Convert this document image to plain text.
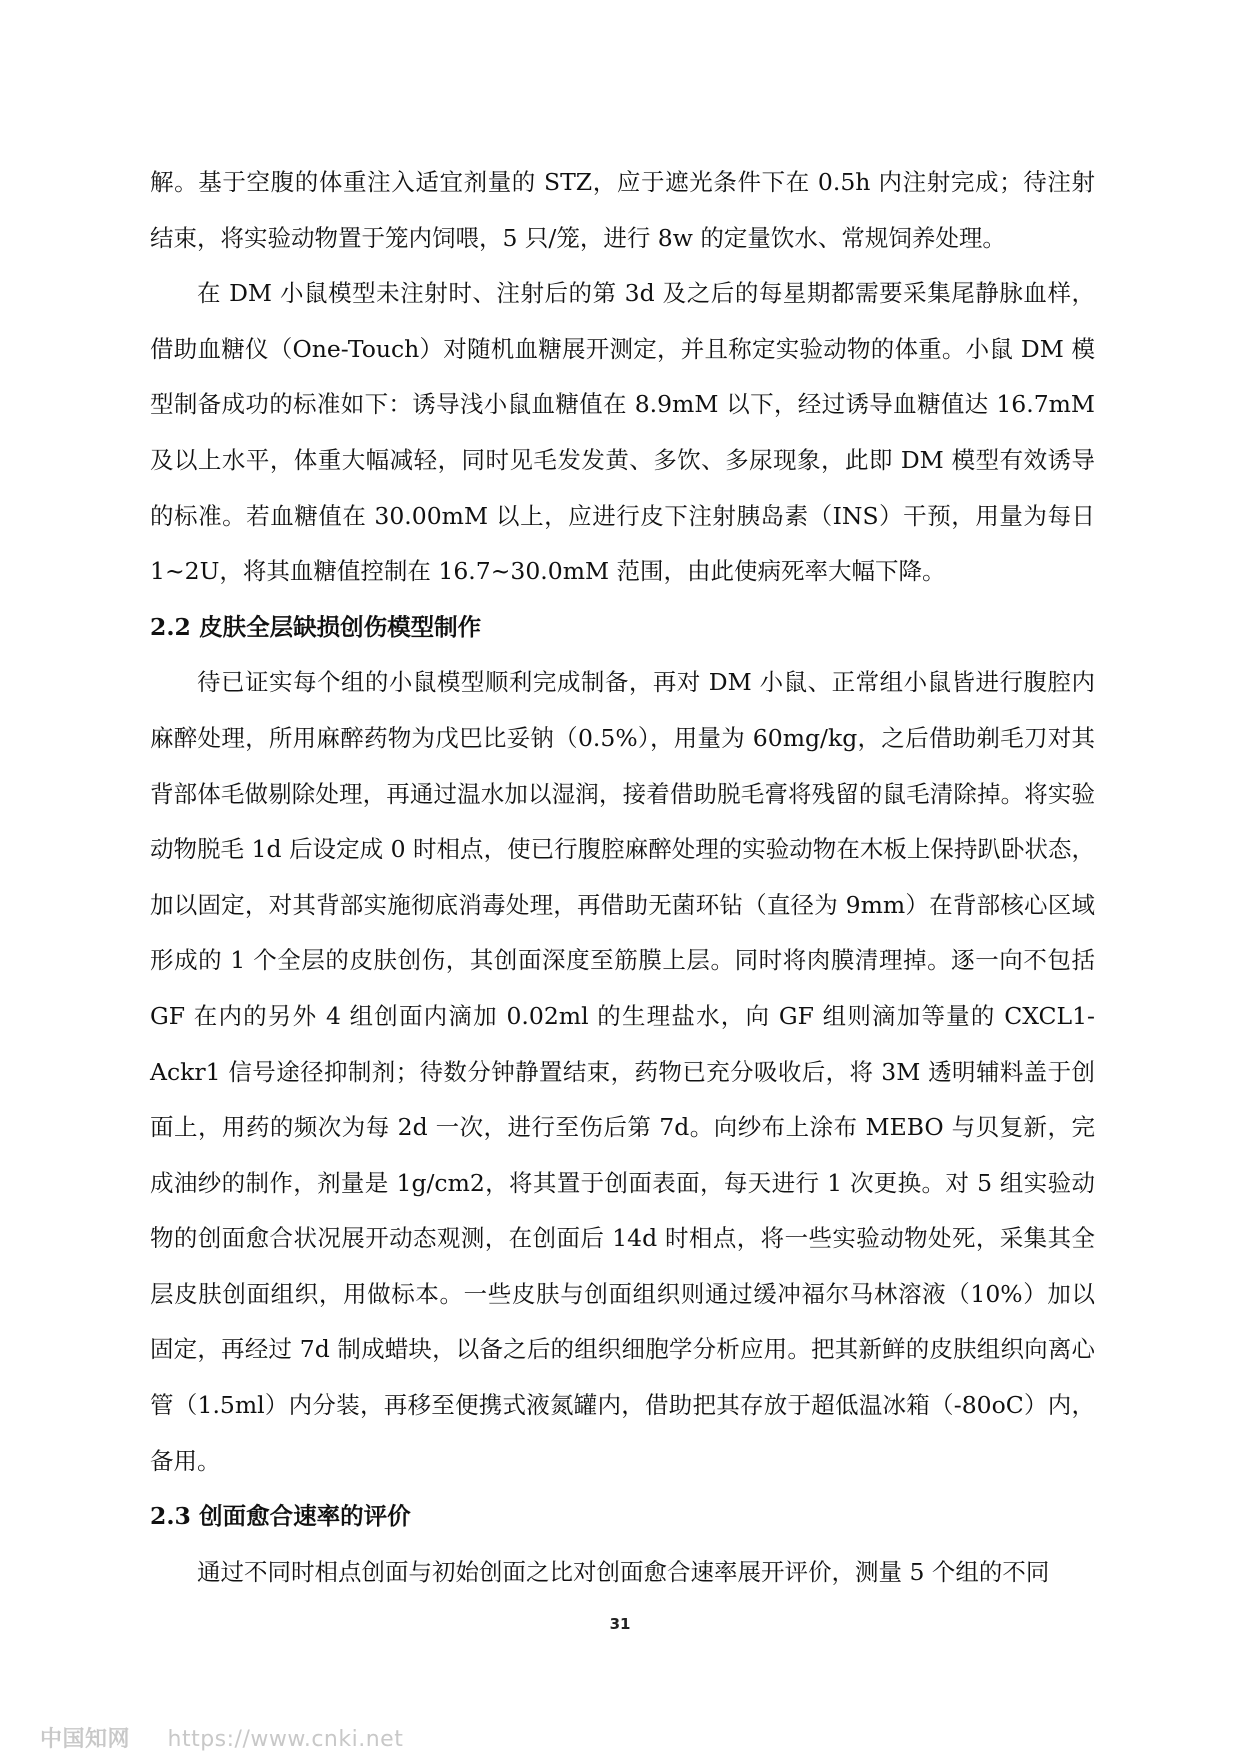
解。基于空腹的体重注入适宜剂量的 STZ，应于遮光条件下在 0.5h 内注射完成；待注射结束，将实验动物置于笼内饲喂，5 只/笼，进行 8w 的定量饮水、常规饲养处理。

在 DM 小鼠模型未注射时、注射后的第 3d 及之后的每星期都需要采集尾静脉血样，借助血糖仪（One-Touch）对随机血糖展开测定，并且称定实验动物的体重。小鼠 DM 模型制备成功的标准如下：诱导浅小鼠血糖值在 8.9mM 以下，经过诱导血糖值达 16.7mM 及以上水平，体重大幅减轻，同时见毛发发黄、多饮、多尿现象，此即 DM 模型有效诱导的标准。若血糖值在 30.00mM 以上，应进行皮下注射胰岛素（INS）干预，用量为每日 1~2U，将其血糖值控制在 16.7~30.0mM 范围，由此使病死率大幅下降。

2.2 皮肤全层缺损创伤模型制作

待已证实每个组的小鼠模型顺利完成制备，再对 DM 小鼠、正常组小鼠皆进行腹腔内麻醉处理，所用麻醉药物为戊巴比妥钠（0.5%），用量为 60mg/kg，之后借助剃毛刀对其背部体毛做剔除处理，再通过温水加以湿润，接着借助脱毛膏将残留的鼠毛清除掉。将实验动物脱毛 1d 后设定成 0 时相点，使已行腹腔麻醉处理的实验动物在木板上保持趴卧状态，加以固定，对其背部实施彻底消毒处理，再借助无菌环钻（直径为 9mm）在背部核心区域形成的 1 个全层的皮肤创伤，其创面深度至筋膜上层。同时将肉膜清理掉。逐一向不包括 GF 在内的另外 4 组创面内滴加 0.02ml 的生理盐水，向 GF 组则滴加等量的 CXCL1-Ackr1 信号途径抑制剂；待数分钟静置结束，药物已充分吸收后，将 3M 透明辅料盖于创面上，用药的频次为每 2d 一次，进行至伤后第 7d。向纱布上涂布 MEBO 与贝复新，完成油纱的制作，剂量是 1g/cm2，将其置于创面表面，每天进行 1 次更换。对 5 组实验动物的创面愈合状况展开动态观测，在创面后 14d 时相点，将一些实验动物处死，采集其全层皮肤创面组织，用做标本。一些皮肤与创面组织则通过缓冲福尔马林溶液（10%）加以固定，再经过 7d 制成蜡块，以备之后的组织细胞学分析应用。把其新鲜的皮肤组织向离心管（1.5ml）内分装，再移至便携式液氮罐内，借助把其存放于超低温冰箱（-80oC）内，备用。

2.3 创面愈合速率的评价

通过不同时相点创面与初始创面之比对创面愈合速率展开评价，测量 5 个组的不同

31
中国知网 https://www.cnki.net
